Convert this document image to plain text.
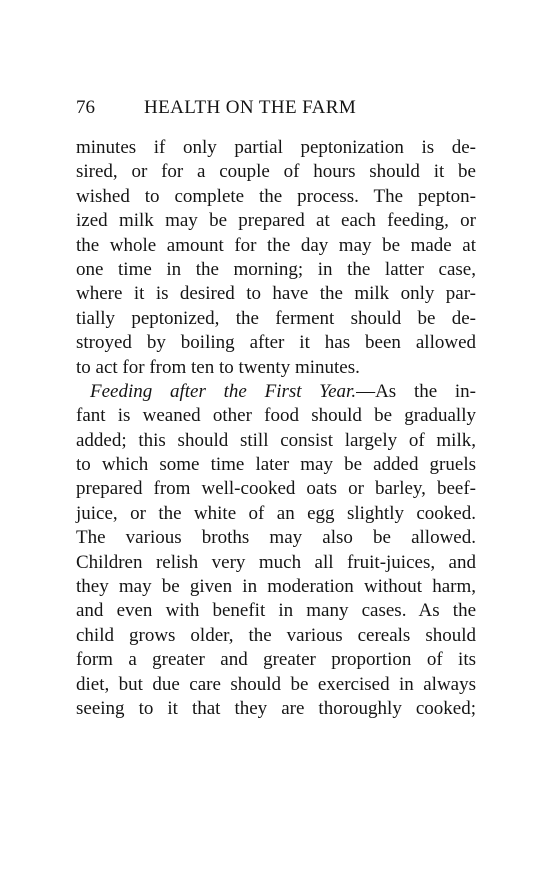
76	HEALTH ON THE FARM
minutes if only partial peptonization is de-
sired, or for a couple of hours should it be
wished to complete the process. The pepton-
ized milk may be prepared at each feeding, or
the whole amount for the day may be made at
one time in the morning; in the latter case,
where it is desired to have the milk only par-
tially peptonized, the ferment should be de-
stroyed by boiling after it has been allowed
to act for from ten to twenty minutes.
Feeding after the First Year.—As the in-
fant is weaned other food should be gradually
added; this should still consist largely of milk,
to which some time later may be added gruels
prepared from well-cooked oats or barley, beef-
juice, or the white of an egg slightly cooked.
The various broths may also be allowed.
Children relish very much all fruit-juices, and
they may be given in moderation without harm,
and even with benefit in many cases. As the
child grows older, the various cereals should
form a greater and greater proportion of its
diet, but due care should be exercised in always
seeing to it that they are thoroughly cooked;
